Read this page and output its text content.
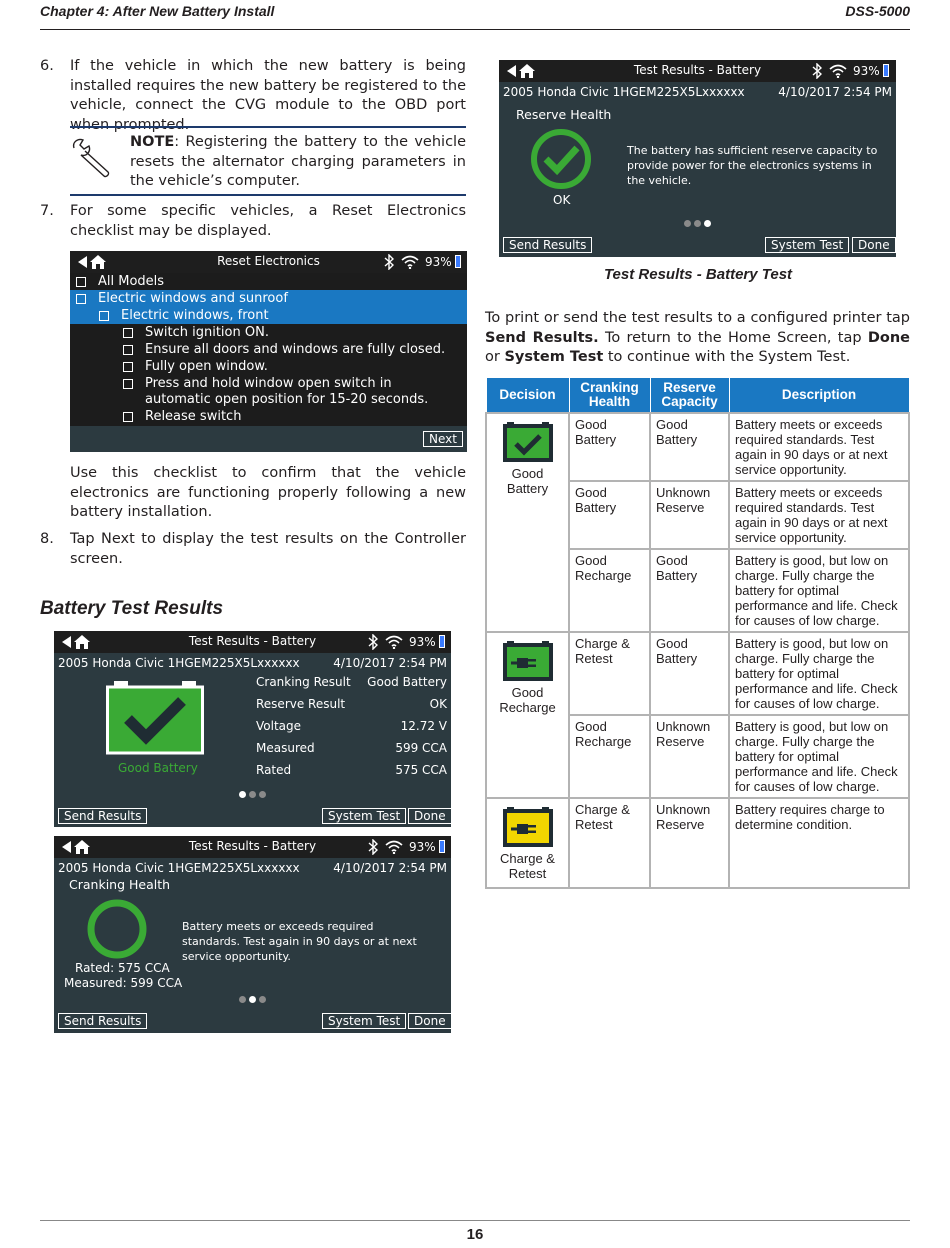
Chapter 4: After New Battery Install	DSS-5000
6. If the vehicle in which the new battery is being installed requires the new battery be registered to the vehicle, connect the CVG module to the OBD port when prompted.
NOTE: Registering the battery to the vehicle resets the alternator charging parameters in the vehicle’s computer.
7. For some specific vehicles, a Reset Electronics checklist may be displayed.
Reset Electronics	93%
All Models
Electric windows and sunroof
Electric windows, front
Switch ignition ON.
Ensure all doors and windows are fully closed.
Fully open window.
Press and hold window open switch in automatic open position for 15-20 seconds.
Release switch
Next
Use this checklist to confirm that the vehicle electronics are functioning properly following a new battery installation.
8. Tap Next to display the test results on the Controller screen.
Battery Test Results
Test Results - Battery	93%
2005 Honda Civic 1HGEM225X5Lxxxxxx	4/10/2017 2:54 PM
Good Battery
Cranking Result Good Battery
Reserve Result	OK
Voltage	12.72 V
Measured	599 CCA
Rated	575 CCA
Send Results	System Test	Done
Test Results - Battery	93%
2005 Honda Civic 1HGEM225X5Lxxxxxx	4/10/2017 2:54 PM
Cranking Health
Rated: 575 CCA
Measured: 599 CCA
Battery meets or exceeds required standards. Test again in 90 days or at next service opportunity.
Send Results	System Test	Done
Test Results - Battery	93%
2005 Honda Civic 1HGEM225X5Lxxxxxx	4/10/2017 2:54 PM
Reserve Health
OK
The battery has sufficient reserve capacity to provide power for the electronics systems in the vehicle.
Send Results	System Test	Done
Test Results - Battery Test
To print or send the test results to a configured printer tap Send Results. To return to the Home Screen, tap Done or System Test to continue with the System Test.
Decision	Cranking Health	Reserve Capacity	Description

Good Battery	Good Battery	Good Battery	Battery meets or exceeds required standards. Test again in 90 days or at next service opportunity.
	Good Battery	Unknown Reserve	Battery meets or exceeds required standards. Test again in 90 days or at next service opportunity.
	Good Recharge	Good Battery	Battery is good, but low on charge. Fully charge the battery for optimal performance and life. Check for causes of low charge.

Good Recharge	Charge & Retest	Good Battery	Battery is good, but low on charge. Fully charge the battery for optimal performance and life. Check for causes of low charge.
	Good Recharge	Unknown Reserve	Battery is good, but low on charge. Fully charge the battery for optimal performance and life. Check for causes of low charge.

Charge & Retest	Charge & Retest	Unknown Reserve	Battery requires charge to determine condition.
16
